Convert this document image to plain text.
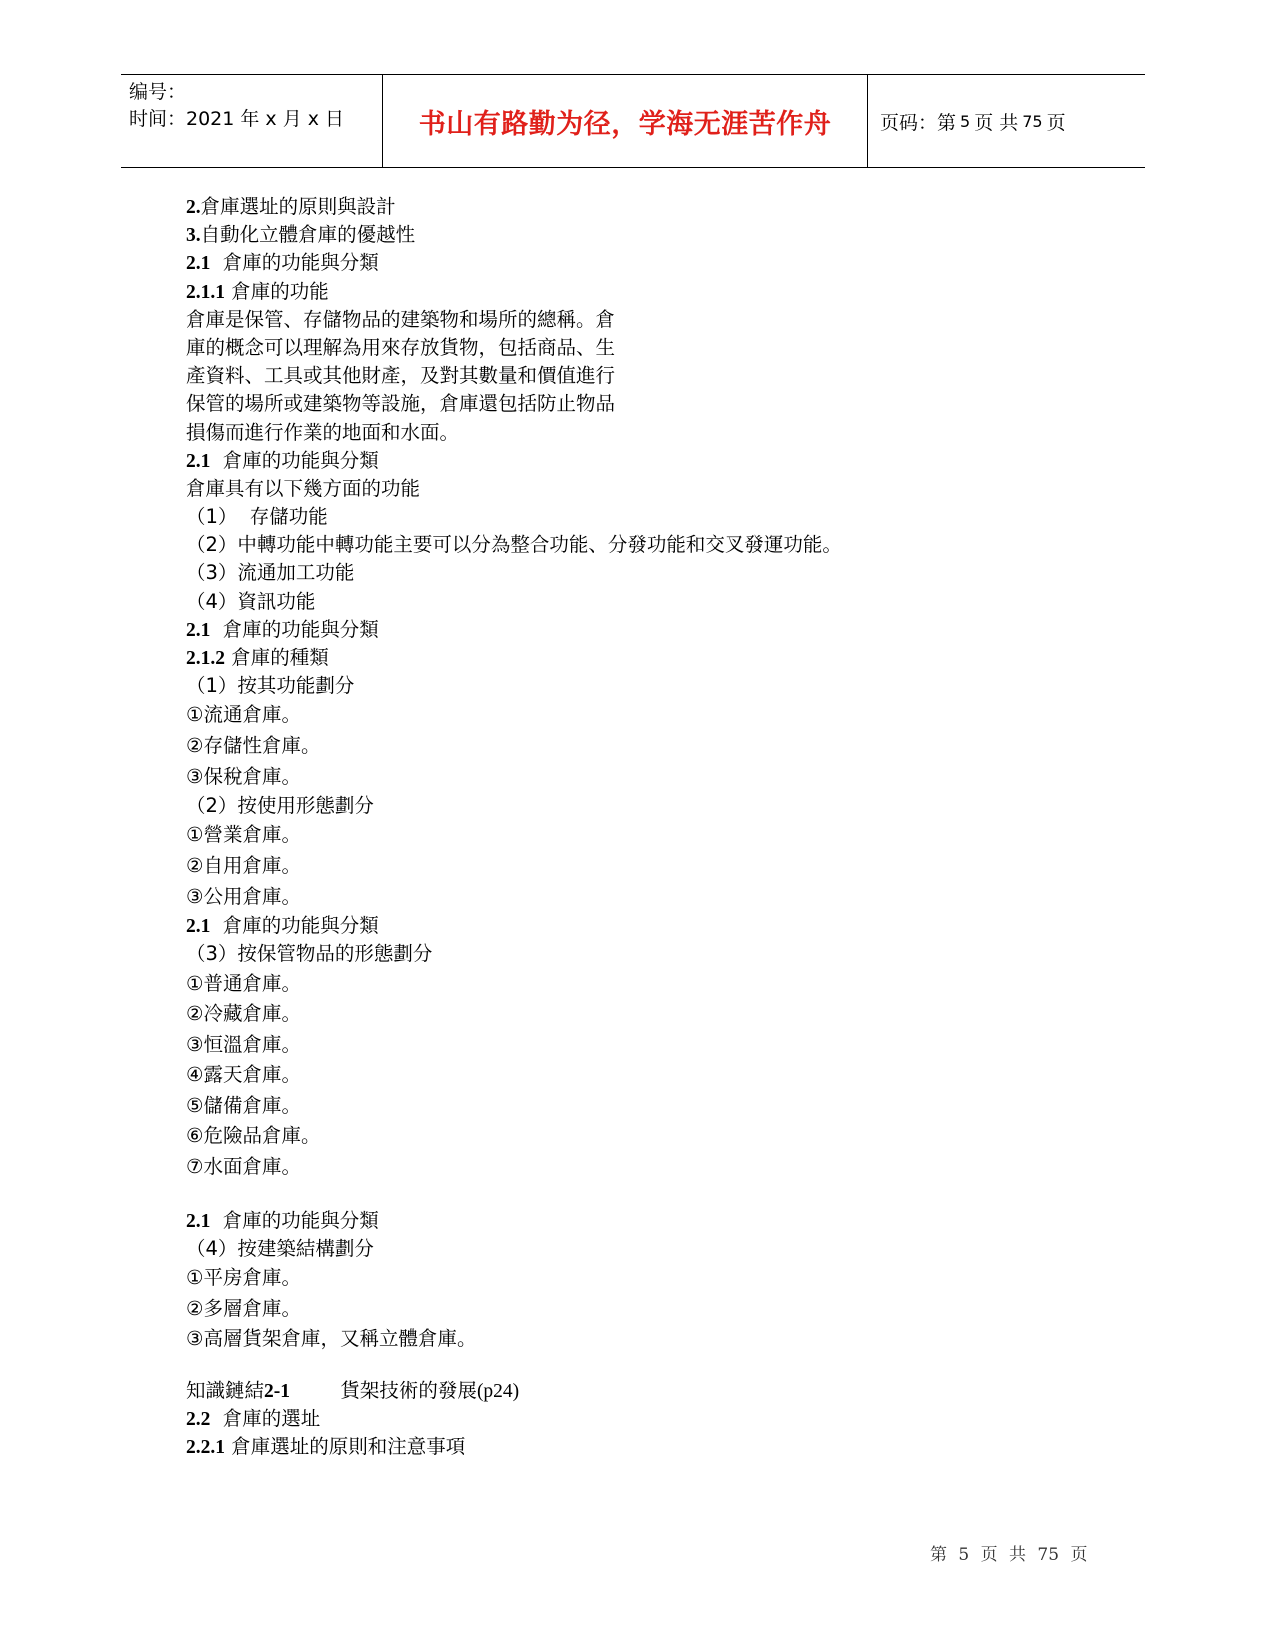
编号：
时间：2021 年 x 月 x 日	书山有路勤为径，学海无涯苦作舟	页码：第 5 页 共 75 页
2.倉庫選址的原則與設計
3.自動化立體倉庫的優越性
2.1  倉庫的功能與分類
2.1.1 倉庫的功能
倉庫是保管、存儲物品的建築物和場所的總稱。倉
庫的概念可以理解為用來存放貨物，包括商品、生
產資料、工具或其他財產，及對其數量和價值進行
保管的場所或建築物等設施，倉庫還包括防止物品
損傷而進行作業的地面和水面。
2.1  倉庫的功能與分類
倉庫具有以下幾方面的功能
（1）  存儲功能
（2）中轉功能中轉功能主要可以分為整合功能、分發功能和交叉發運功能。
（3）流通加工功能
（4）資訊功能
2.1  倉庫的功能與分類
2.1.2 倉庫的種類
（1）按其功能劃分
①流通倉庫。
②存儲性倉庫。
③保稅倉庫。
（2）按使用形態劃分
①營業倉庫。
②自用倉庫。
③公用倉庫。
2.1  倉庫的功能與分類
（3）按保管物品的形態劃分
①普通倉庫。
②冷藏倉庫。
③恒溫倉庫。
④露天倉庫。
⑤儲備倉庫。
⑥危險品倉庫。
⑦水面倉庫。
2.1  倉庫的功能與分類
（4）按建築結構劃分
①平房倉庫。
②多層倉庫。
③高層貨架倉庫，又稱立體倉庫。
知識鏈結2-1	貨架技術的發展(p24)
2.2  倉庫的選址
2.2.1 倉庫選址的原則和注意事項
第 5 页 共 75 页
